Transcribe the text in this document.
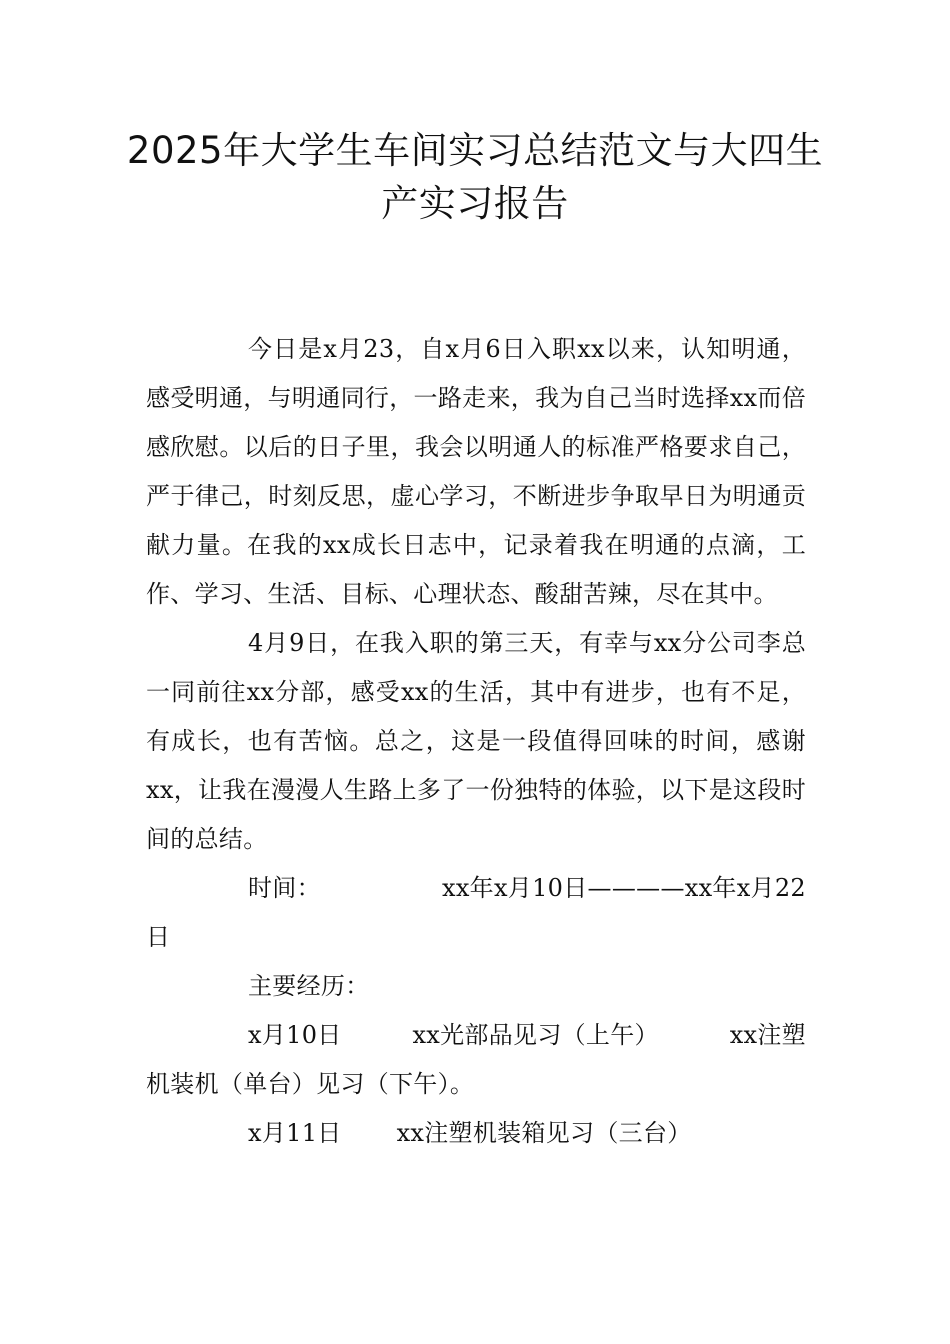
2025年大学生车间实习总结范文与大四生
产实习报告

今日是x月23，自x月6日入职xx以来，认知明通，感受明通，与明通同行，一路走来，我为自己当时选择xx而倍感欣慰。以后的日子里，我会以明通人的标准严格要求自己，严于律己，时刻反思，虚心学习，不断进步争取早日为明通贡献力量。在我的xx成长日志中，记录着我在明通的点滴，工作、学习、生活、目标、心理状态、酸甜苦辣，尽在其中。

4月9日，在我入职的第三天，有幸与xx分公司李总一同前往xx分部，感受xx的生活，其中有进步，也有不足，有成长，也有苦恼。总之，这是一段值得回味的时间，感谢xx，让我在漫漫人生路上多了一份独特的体验，以下是这段时间的总结。

时间：	xx年x月10日————xx年x月22

日

主要经历：

x月10日	xx光部品见习（上午）	xx注塑

机装机（单台）见习（下午）。

x月11日 xx注塑机装箱见习（三台）
